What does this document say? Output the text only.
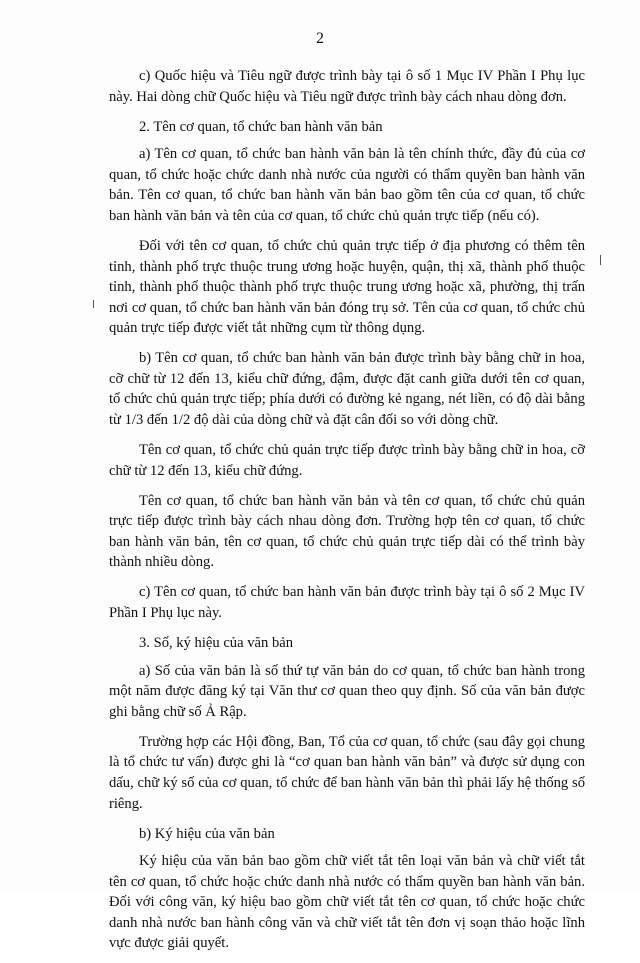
2

c) Quốc hiệu và Tiêu ngữ được trình bày tại ô số 1 Mục IV Phần I Phụ lục này. Hai dòng chữ Quốc hiệu và Tiêu ngữ được trình bày cách nhau dòng đơn.

2. Tên cơ quan, tổ chức ban hành văn bản

a) Tên cơ quan, tổ chức ban hành văn bản là tên chính thức, đầy đủ của cơ quan, tổ chức hoặc chức danh nhà nước của người có thẩm quyền ban hành văn bản. Tên cơ quan, tổ chức ban hành văn bản bao gồm tên của cơ quan, tổ chức ban hành văn bản và tên của cơ quan, tổ chức chủ quản trực tiếp (nếu có).

Đối với tên cơ quan, tổ chức chủ quản trực tiếp ở địa phương có thêm tên tỉnh, thành phố trực thuộc trung ương hoặc huyện, quận, thị xã, thành phố thuộc tỉnh, thành phố thuộc thành phố trực thuộc trung ương hoặc xã, phường, thị trấn nơi cơ quan, tổ chức ban hành văn bản đóng trụ sở. Tên của cơ quan, tổ chức chủ quản trực tiếp được viết tắt những cụm từ thông dụng.

b) Tên cơ quan, tổ chức ban hành văn bản được trình bày bằng chữ in hoa, cỡ chữ từ 12 đến 13, kiểu chữ đứng, đậm, được đặt canh giữa dưới tên cơ quan, tổ chức chủ quản trực tiếp; phía dưới có đường kẻ ngang, nét liền, có độ dài bằng từ 1/3 đến 1/2 độ dài của dòng chữ và đặt cân đối so với dòng chữ.

Tên cơ quan, tổ chức chủ quản trực tiếp được trình bày bằng chữ in hoa, cỡ chữ từ 12 đến 13, kiểu chữ đứng.

Tên cơ quan, tổ chức ban hành văn bản và tên cơ quan, tổ chức chủ quản trực tiếp được trình bày cách nhau dòng đơn. Trường hợp tên cơ quan, tổ chức ban hành văn bản, tên cơ quan, tổ chức chủ quản trực tiếp dài có thể trình bày thành nhiều dòng.

c) Tên cơ quan, tổ chức ban hành văn bản được trình bày tại ô số 2 Mục IV Phần I Phụ lục này.

3. Số, ký hiệu của văn bản

a) Số của văn bản là số thứ tự văn bản do cơ quan, tổ chức ban hành trong một năm được đăng ký tại Văn thư cơ quan theo quy định. Số của văn bản được ghi bằng chữ số Ả Rập.

Trường hợp các Hội đồng, Ban, Tổ của cơ quan, tổ chức (sau đây gọi chung là tổ chức tư vấn) được ghi là “cơ quan ban hành văn bản” và được sử dụng con dấu, chữ ký số của cơ quan, tổ chức để ban hành văn bản thì phải lấy hệ thống số riêng.

b) Ký hiệu của văn bản

Ký hiệu của văn bản bao gồm chữ viết tắt tên loại văn bản và chữ viết tắt tên cơ quan, tổ chức hoặc chức danh nhà nước có thẩm quyền ban hành văn bản. Đối với công văn, ký hiệu bao gồm chữ viết tắt tên cơ quan, tổ chức hoặc chức danh nhà nước ban hành công văn và chữ viết tắt tên đơn vị soạn thảo hoặc lĩnh vực được giải quyết.
